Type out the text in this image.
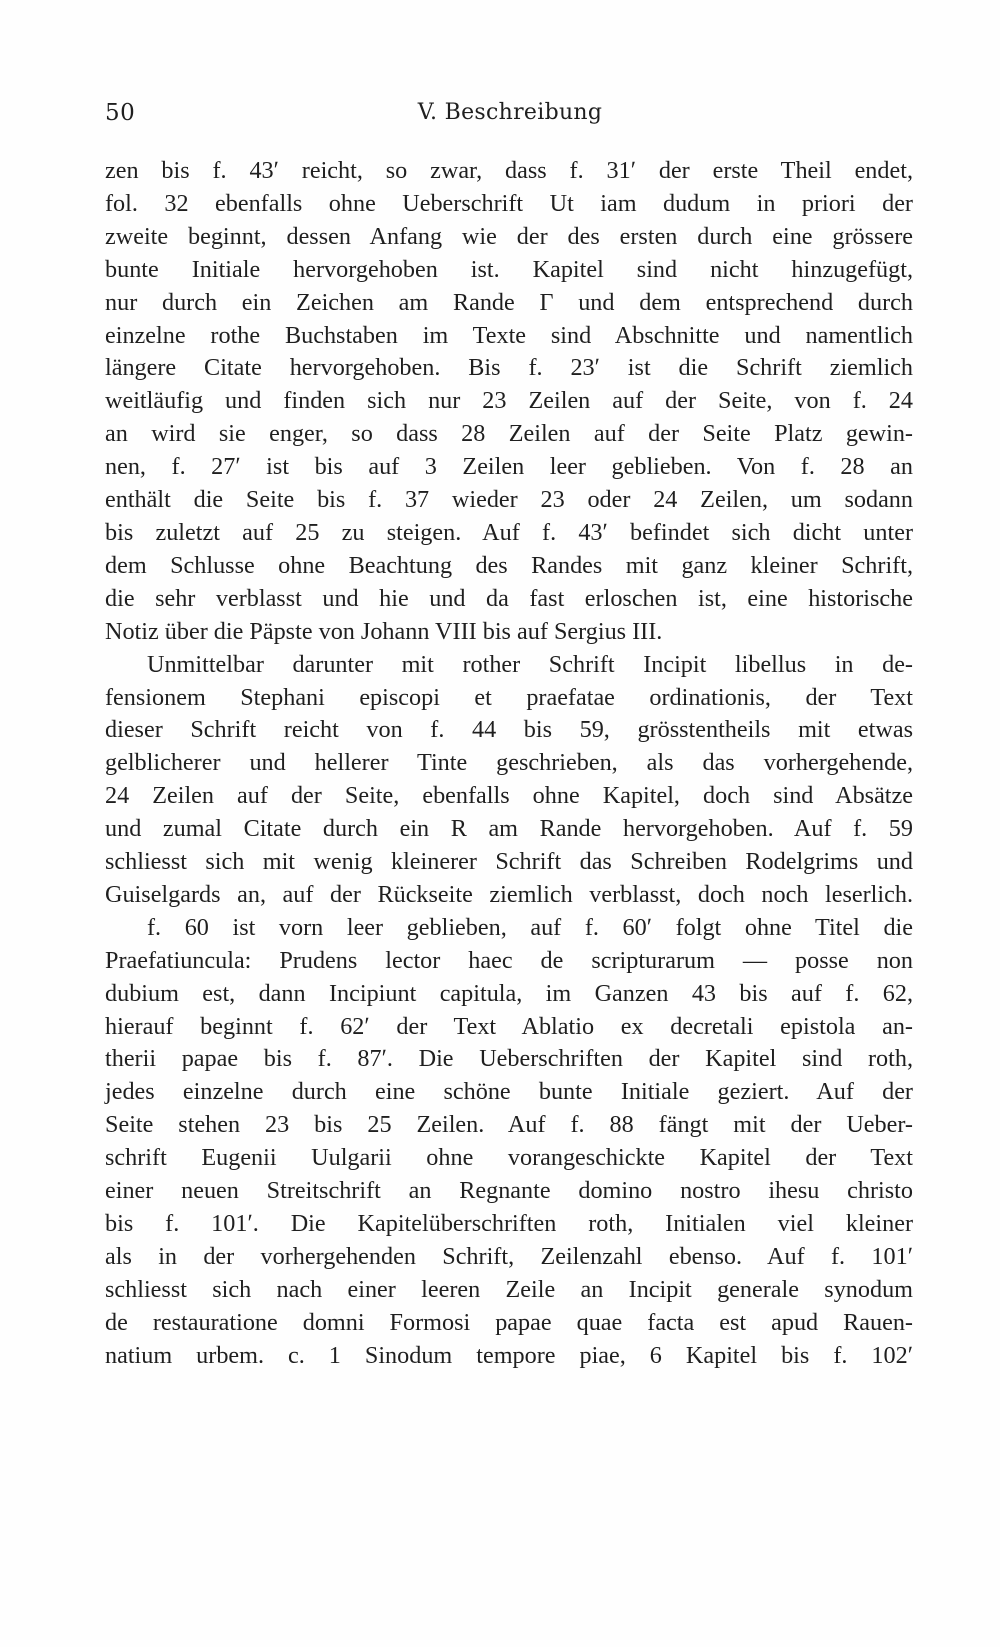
50	V. Beschreibung
zen bis f. 43ʹ reicht, so zwar, dass f. 31ʹ der erste Theil endet,
fol. 32 ebenfalls ohne Ueberschrift Ut iam dudum in priori der
zweite beginnt, dessen Anfang wie der des ersten durch eine grössere
bunte Initiale hervorgehoben ist. Kapitel sind nicht hinzugefügt,
nur durch ein Zeichen am Rande Γ und dem entsprechend durch
einzelne rothe Buchstaben im Texte sind Abschnitte und namentlich
längere Citate hervorgehoben. Bis f. 23ʹ ist die Schrift ziemlich
weitläufig und finden sich nur 23 Zeilen auf der Seite, von f. 24
an wird sie enger, so dass 28 Zeilen auf der Seite Platz gewin-
nen, f. 27ʹ ist bis auf 3 Zeilen leer geblieben. Von f. 28 an
enthält die Seite bis f. 37 wieder 23 oder 24 Zeilen, um sodann
bis zuletzt auf 25 zu steigen. Auf f. 43ʹ befindet sich dicht unter
dem Schlusse ohne Beachtung des Randes mit ganz kleiner Schrift,
die sehr verblasst und hie und da fast erloschen ist, eine historische
Notiz über die Päpste von Johann VIII bis auf Sergius III.
Unmittelbar darunter mit rother Schrift Incipit libellus in de-
fensionem Stephani episcopi et praefatae ordinationis, der Text
dieser Schrift reicht von f. 44 bis 59, grösstentheils mit etwas
gelblicherer und hellerer Tinte geschrieben, als das vorhergehende,
24 Zeilen auf der Seite, ebenfalls ohne Kapitel, doch sind Absätze
und zumal Citate durch ein R am Rande hervorgehoben. Auf f. 59
schliesst sich mit wenig kleinerer Schrift das Schreiben Rodelgrims und
Guiselgards an, auf der Rückseite ziemlich verblasst, doch noch leserlich.
f. 60 ist vorn leer geblieben, auf f. 60ʹ folgt ohne Titel die
Praefatiuncula: Prudens lector haec de scripturarum — posse non
dubium est, dann Incipiunt capitula, im Ganzen 43 bis auf f. 62,
hierauf beginnt f. 62ʹ der Text Ablatio ex decretali epistola an-
therii papae bis f. 87ʹ. Die Ueberschriften der Kapitel sind roth,
jedes einzelne durch eine schöne bunte Initiale geziert. Auf der
Seite stehen 23 bis 25 Zeilen. Auf f. 88 fängt mit der Ueber-
schrift Eugenii Uulgarii ohne vorangeschickte Kapitel der Text
einer neuen Streitschrift an Regnante domino nostro ihesu christo
bis f. 101ʹ. Die Kapitelüberschriften roth, Initialen viel kleiner
als in der vorhergehenden Schrift, Zeilenzahl ebenso. Auf f. 101ʹ
schliesst sich nach einer leeren Zeile an Incipit generale synodum
de restauratione domni Formosi papae quae facta est apud Rauen-
natium urbem. c. 1 Sinodum tempore piae, 6 Kapitel bis f. 102ʹ
